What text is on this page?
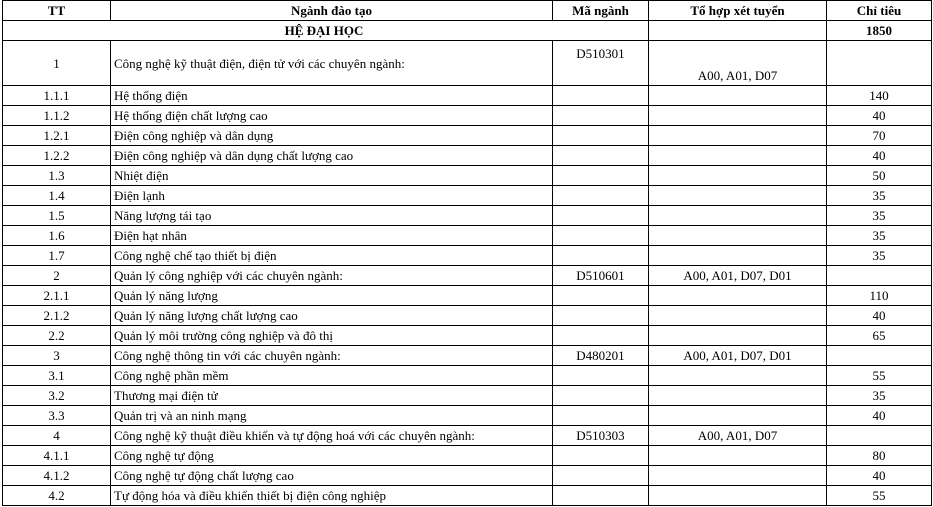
TT	Ngành đào tạo	Mã ngành	Tổ hợp xét tuyển	Chỉ tiêu
HỆ ĐẠI HỌC				1850
1	Công nghệ kỹ thuật điện, điện tử với các chuyên ngành:	D510301	A00, A01, D07	
1.1.1	Hệ thống điện			140
1.1.2	Hệ thống điện chất lượng cao			40
1.2.1	Điện công nghiệp và dân dụng			70
1.2.2	Điện công nghiệp và dân dụng chất lượng cao			40
1.3	Nhiệt điện			50
1.4	Điện lạnh			35
1.5	Năng lượng tái tạo			35
1.6	Điện hạt nhân			35
1.7	Công nghệ chế tạo thiết bị điện			35
2	Quản lý công nghiệp với các chuyên ngành:	D510601	A00, A01, D07, D01	
2.1.1	Quản lý năng lượng			110
2.1.2	Quản lý năng lượng chất lượng cao			40
2.2	Quản lý môi trường công nghiệp và đô thị			65
3	Công nghệ thông tin với các chuyên ngành:	D480201	A00, A01, D07, D01	
3.1	Công nghệ phần mềm			55
3.2	Thương mại điện tử			35
3.3	Quản trị và an ninh mạng			40
4	Công nghệ kỹ thuật điều khiển và tự động hoá với các chuyên ngành:	D510303	A00, A01, D07	
4.1.1	Công nghệ tự động			80
4.1.2	Công nghệ tự động chất lượng cao			40
4.2	Tự động hóa và điều khiển thiết bị điện công nghiệp			55
